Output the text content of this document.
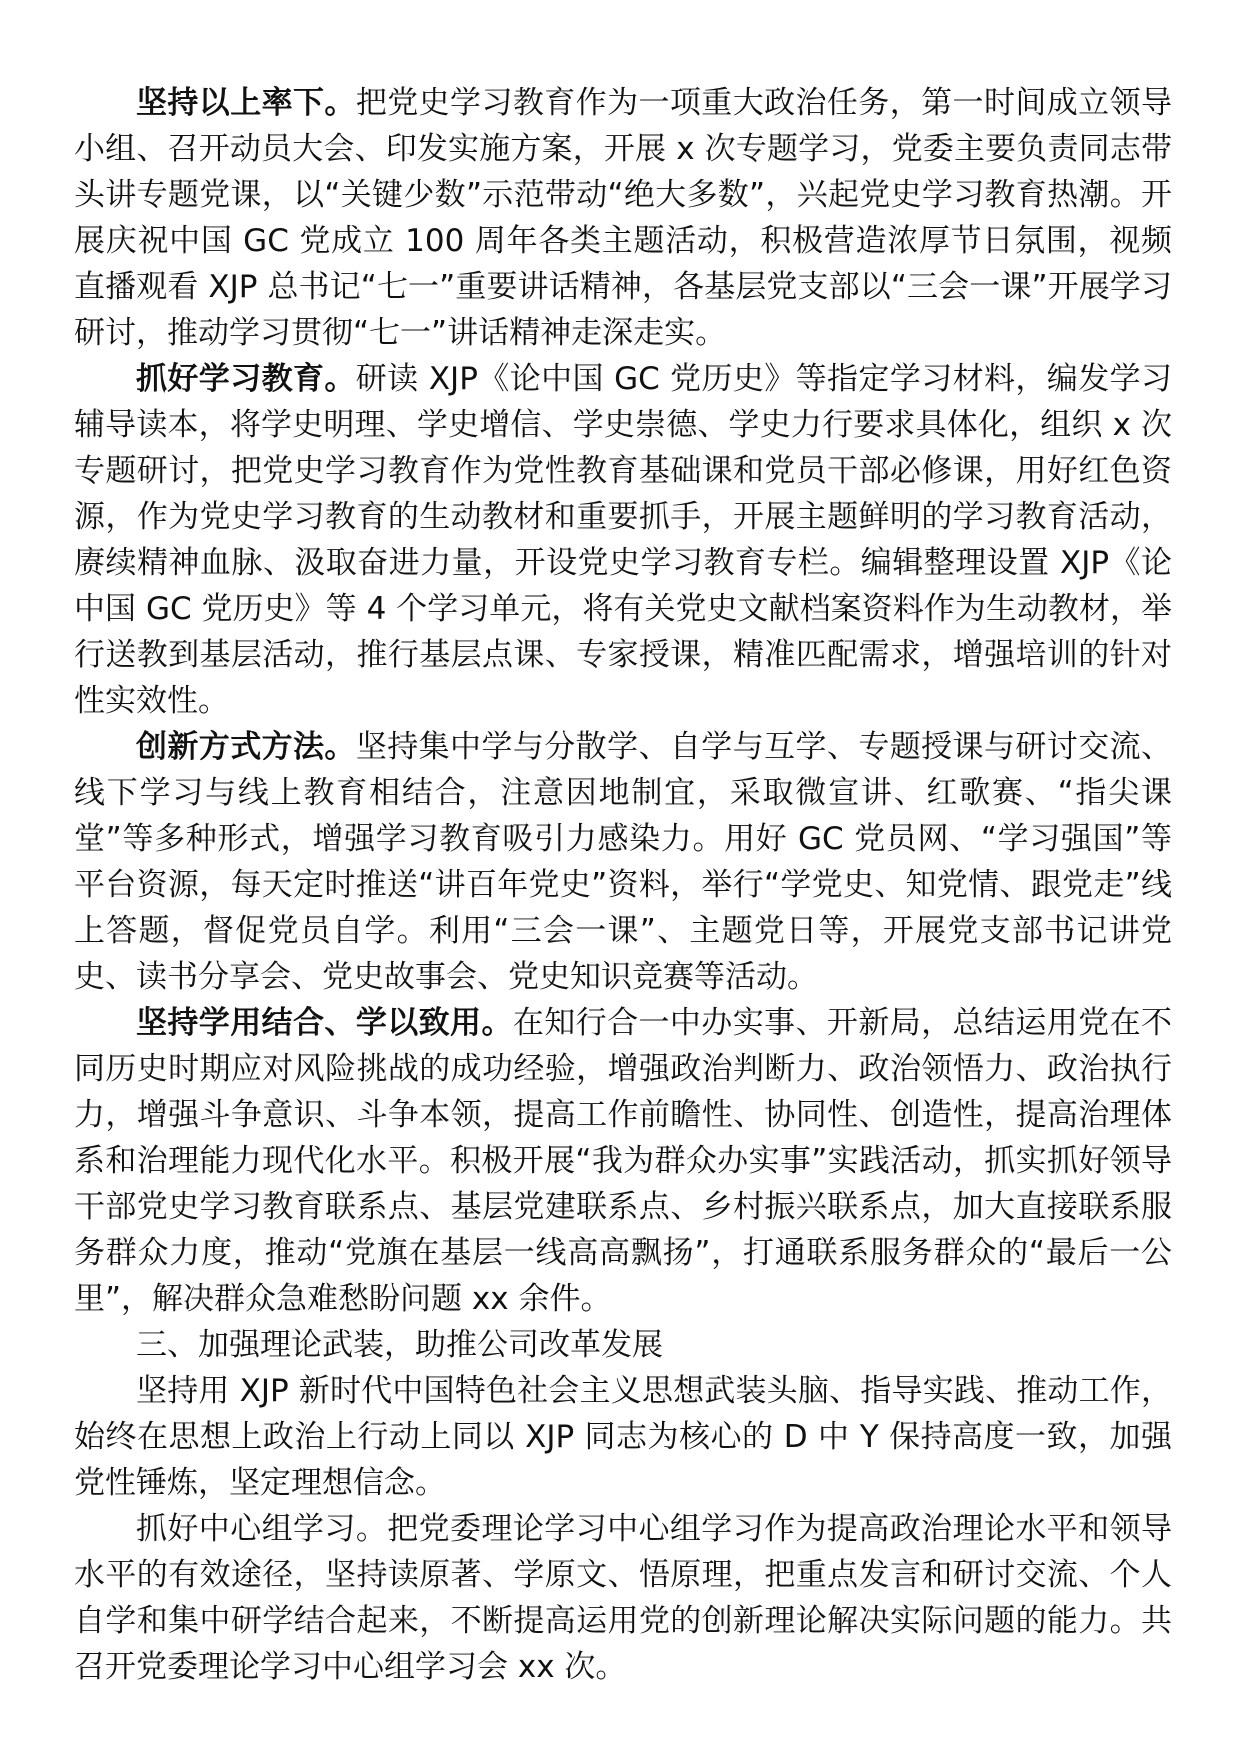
坚持以上率下。把党史学习教育作为一项重大政治任务，第一时间成立领导小组、召开动员大会、印发实施方案，开展 x 次专题学习，党委主要负责同志带头讲专题党课，以“关键少数”示范带动“绝大多数”，兴起党史学习教育热潮。开展庆祝中国 GC 党成立 100 周年各类主题活动，积极营造浓厚节日氛围，视频直播观看 XJP 总书记“七一”重要讲话精神，各基层党支部以“三会一课”开展学习研讨，推动学习贯彻“七一”讲话精神走深走实。

抓好学习教育。研读 XJP《论中国 GC 党历史》等指定学习材料，编发学习辅导读本，将学史明理、学史增信、学史崇德、学史力行要求具体化，组织 x 次专题研讨，把党史学习教育作为党性教育基础课和党员干部必修课，用好红色资源，作为党史学习教育的生动教材和重要抓手，开展主题鲜明的学习教育活动，赓续精神血脉、汲取奋进力量，开设党史学习教育专栏。编辑整理设置 XJP《论中国 GC 党历史》等 4 个学习单元，将有关党史文献档案资料作为生动教材，举行送教到基层活动，推行基层点课、专家授课，精准匹配需求，增强培训的针对性实效性。

创新方式方法。坚持集中学与分散学、自学与互学、专题授课与研讨交流、线下学习与线上教育相结合，注意因地制宜，采取微宣讲、红歌赛、“指尖课堂”等多种形式，增强学习教育吸引力感染力。用好 GC 党员网、“学习强国”等平台资源，每天定时推送“讲百年党史”资料，举行“学党史、知党情、跟党走”线上答题，督促党员自学。利用“三会一课”、主题党日等，开展党支部书记讲党史、读书分享会、党史故事会、党史知识竞赛等活动。

坚持学用结合、学以致用。在知行合一中办实事、开新局，总结运用党在不同历史时期应对风险挑战的成功经验，增强政治判断力、政治领悟力、政治执行力，增强斗争意识、斗争本领，提高工作前瞻性、协同性、创造性，提高治理体系和治理能力现代化水平。积极开展“我为群众办实事”实践活动，抓实抓好领导干部党史学习教育联系点、基层党建联系点、乡村振兴联系点，加大直接联系服务群众力度，推动“党旗在基层一线高高飘扬”，打通联系服务群众的“最后一公里”，解决群众急难愁盼问题 xx 余件。

三、加强理论武装，助推公司改革发展

坚持用 XJP 新时代中国特色社会主义思想武装头脑、指导实践、推动工作，始终在思想上政治上行动上同以 XJP 同志为核心的 D 中 Y 保持高度一致，加强党性锤炼，坚定理想信念。

抓好中心组学习。把党委理论学习中心组学习作为提高政治理论水平和领导水平的有效途径，坚持读原著、学原文、悟原理，把重点发言和研讨交流、个人自学和集中研学结合起来，不断提高运用党的创新理论解决实际问题的能力。共召开党委理论学习中心组学习会 xx 次。
